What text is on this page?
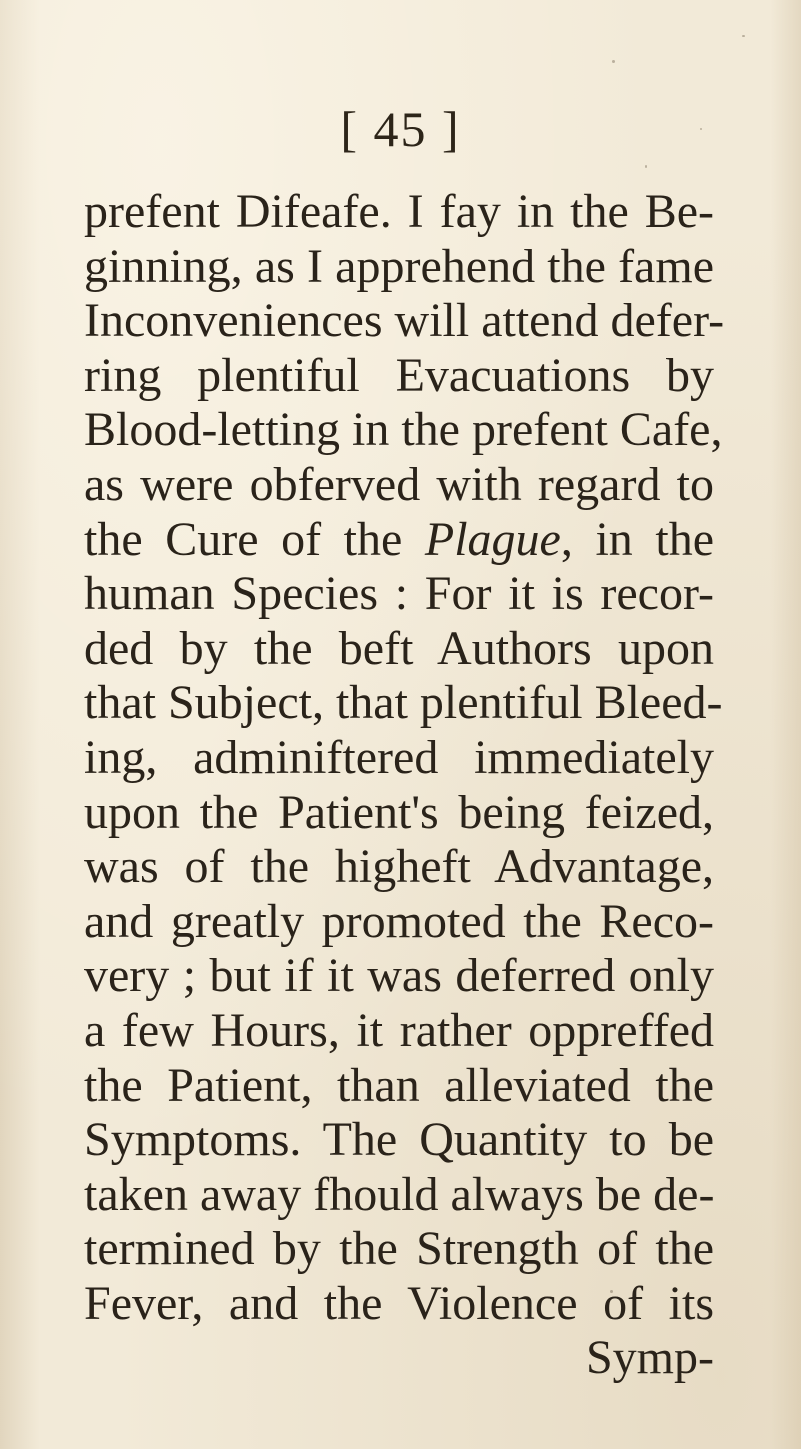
[ 45 ]
prefent Difeafe. I fay in the Be-
ginning, as I apprehend the fame
Inconveniences will attend defer-
ring plentiful Evacuations by
Blood-letting in the prefent Cafe,
as were obferved with regard to
the Cure of the Plague, in the
human Species : For it is recor-
ded by the beft Authors upon
that Subject, that plentiful Bleed-
ing, adminiftered immediately
upon the Patient's being feized,
was of the higheft Advantage,
and greatly promoted the Reco-
very ; but if it was deferred only
a few Hours, it rather oppreffed
the Patient, than alleviated the
Symptoms. The Quantity to be
taken away fhould always be de-
termined by the Strength of the
Fever, and the Violence of its
Symp-
